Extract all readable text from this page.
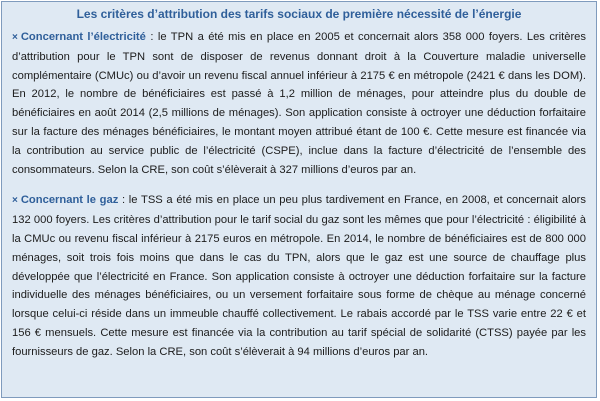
Les critères d’attribution des tarifs sociaux de première nécessité de l’énergie

× Concernant l’électricité : le TPN a été mis en place en 2005 et concernait alors 358 000 foyers. Les critères d’attribution pour le TPN sont de disposer de revenus donnant droit à la Couverture maladie universelle complémentaire (CMUc) ou d’avoir un revenu fiscal annuel inférieur à 2175 € en métropole (2421 € dans les DOM). En 2012, le nombre de bénéficiaires est passé à 1,2 million de ménages, pour atteindre plus du double de bénéficiaires en août 2014 (2,5 millions de ménages). Son application consiste à octroyer une déduction forfaitaire sur la facture des ménages bénéficiaires, le montant moyen attribué étant de 100 €. Cette mesure est financée via la contribution au service public de l’électricité (CSPE), inclue dans la facture d’électricité de l’ensemble des consommateurs. Selon la CRE, son coût s’élèverait à 327 millions d’euros par an.

× Concernant le gaz : le TSS a été mis en place un peu plus tardivement en France, en 2008, et concernait alors 132 000 foyers. Les critères d’attribution pour le tarif social du gaz sont les mêmes que pour l’électricité : éligibilité à la CMUc ou revenu fiscal inférieur à 2175 euros en métropole. En 2014, le nombre de bénéficiaires est de 800 000 ménages, soit trois fois moins que dans le cas du TPN, alors que le gaz est une source de chauffage plus développée que l’électricité en France. Son application consiste à octroyer une déduction forfaitaire sur la facture individuelle des ménages bénéficiaires, ou un versement forfaitaire sous forme de chèque au ménage concerné lorsque celui-ci réside dans un immeuble chauffé collectivement. Le rabais accordé par le TSS varie entre 22 € et 156 € mensuels. Cette mesure est financée via la contribution au tarif spécial de solidarité (CTSS) payée par les fournisseurs de gaz. Selon la CRE, son coût s’élèverait à 94 millions d’euros par an.
